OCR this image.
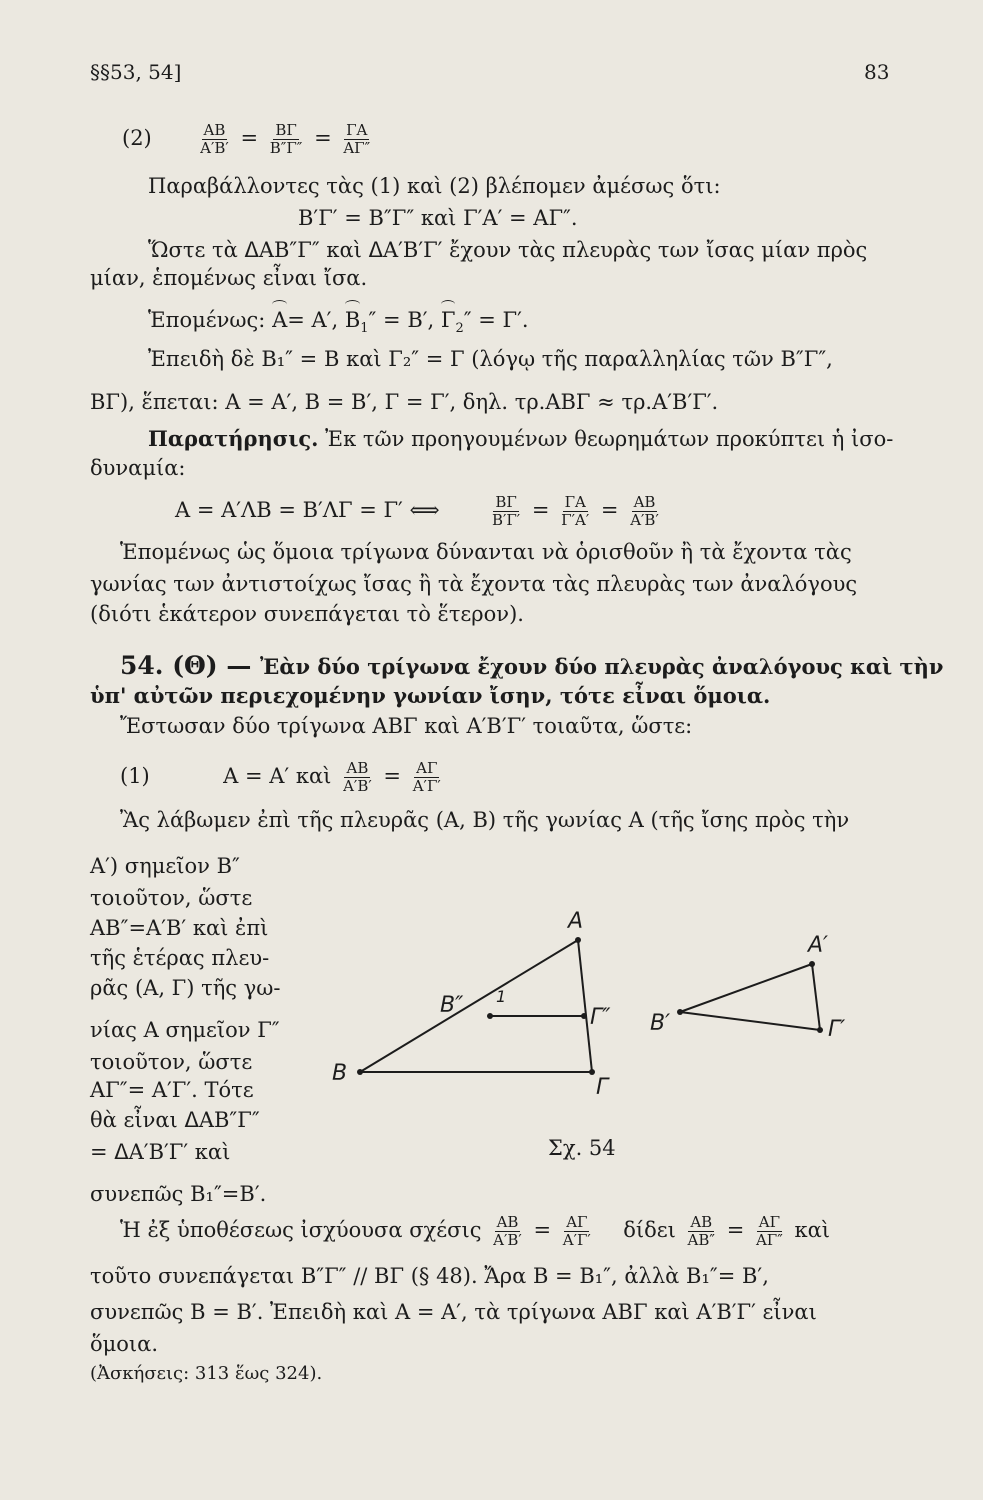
§§53, 54]	83
(2)	$\frac{AB}{A'B'} = \frac{B\Gamma}{B''\Gamma''} = \frac{\Gamma A}{A\Gamma''}$
Παραβάλλοντες τὰς (1) καὶ (2) βλέπομεν ἀμέσως ὅτι:
Β′Γ′ = Β″Γ″ καὶ Γ′Α′ = ΑΓ″.
Ὥστε τὰ ᐃΑΒ″Γ″ καὶ ᐃΑ′Β′Γ′ ἔχουν τὰς πλευρὰς των ἴσας μίαν πρὸς
μίαν, ἑπομένως εἶναι ἴσα.
Ἑπομένως: Α= Α′, $B_1'' = B'$, $\Gamma_2'' = \Gamma'$.
Ἐπειδὴ δὲ Β₁″ = Β καὶ Γ₂″ = Γ (λόγῳ τῆς παραλληλίας τῶν Β″Γ″,
ΒΓ), ἕπεται: Α = Α′, Β = Β′, Γ = Γ′, δηλ. τρ.ΑΒΓ ≈ τρ.Α′Β′Γ′.
Παρατήρησις. Ἐκ τῶν προηγουμένων θεωρημάτων προκύπτει ἡ ἰσο-
δυναμία:
Α = Α′ΛΒ = Β′ΛΓ = Γ′ ⟺	$\frac{B\Gamma}{B'\Gamma'} = \frac{\Gamma A}{\Gamma'A'} = \frac{AB}{A'B'}$
Ἑπομένως ὡς ὅμοια τρίγωνα δύνανται νὰ ὁρισθοῦν ἢ τὰ ἔχοντα τὰς
γωνίας των ἀντιστοίχως ἴσας ἢ τὰ ἔχοντα τὰς πλευρὰς των ἀναλόγους
(διότι ἑκάτερον συνεπάγεται τὸ ἕτερον).
54. (Θ) — Ἐὰν δύο τρίγωνα ἔχουν δύο πλευρὰς ἀναλόγους καὶ τὴν
ὑπ' αὐτῶν περιεχομένην γωνίαν ἴσην, τότε εἶναι ὅμοια.
Ἔστωσαν δύο τρίγωνα ΑΒΓ καὶ Α′Β′Γ′ τοιαῦτα, ὥστε:
(1)	Α = Α′ καὶ $\frac{AB}{A'B'} = \frac{A\Gamma}{A'\Gamma'}$
Ἂς λάβωμεν ἐπὶ τῆς πλευρᾶς (Α, Β) τῆς γωνίας Α (τῆς ἴσης πρὸς τὴν
Α′) σημεῖον Β″
τοιοῦτον, ὥστε
ΑΒ″=Α′Β′ καὶ ἐπὶ
τῆς ἑτέρας πλευ-
ρᾶς (Α, Γ) τῆς γω-
νίας Α σημεῖον Γ″
τοιοῦτον, ὥστε
ΑΓ″= Α′Γ′. Τότε
θὰ εἶναι ᐃΑΒ″Γ″
= ᐃΑ′Β′Γ′ καὶ
συνεπῶς Β₁″=Β′.
Σχ. 54
Ἡ ἐξ ὑποθέσεως ἰσχύουσα σχέσις $\frac{AB}{A'B'} = \frac{A\Gamma}{A'\Gamma'}$ δίδει $\frac{AB}{AB''} = \frac{A\Gamma}{A\Gamma''}$ καὶ
τοῦτο συνεπάγεται Β″Γ″ // ΒΓ (§ 48). Ἄρα Β = Β₁″, ἀλλὰ Β₁″= Β′,
συνεπῶς Β = Β′. Ἐπειδὴ καὶ Α = Α′, τὰ τρίγωνα ΑΒΓ καὶ Α′Β′Γ′ εἶναι
ὅμοια.
(Ἀσκήσεις: 313 ἕως 324).
Α
Β
Γ
Β″	Γ″
1
Α′
Β′	Γ′
